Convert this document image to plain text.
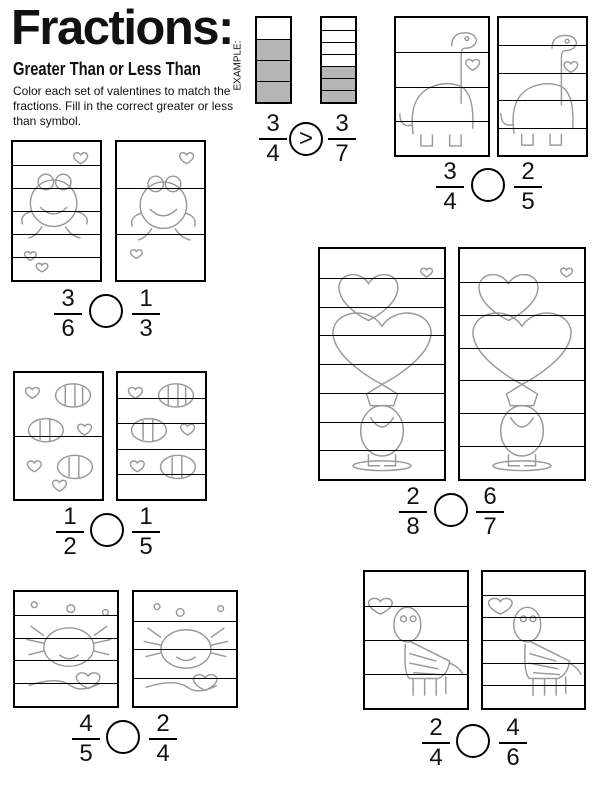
Fractions:
Greater Than or Less Than

Color each set of valentines to match the fractions. Fill in the correct greater or less than symbol.

EXAMPLE:
3
4
>
3
7
3
6
1
3
1
2
1
5
4
5
2
4
3
4
2
5
2
8
6
7
2
4
4
6
